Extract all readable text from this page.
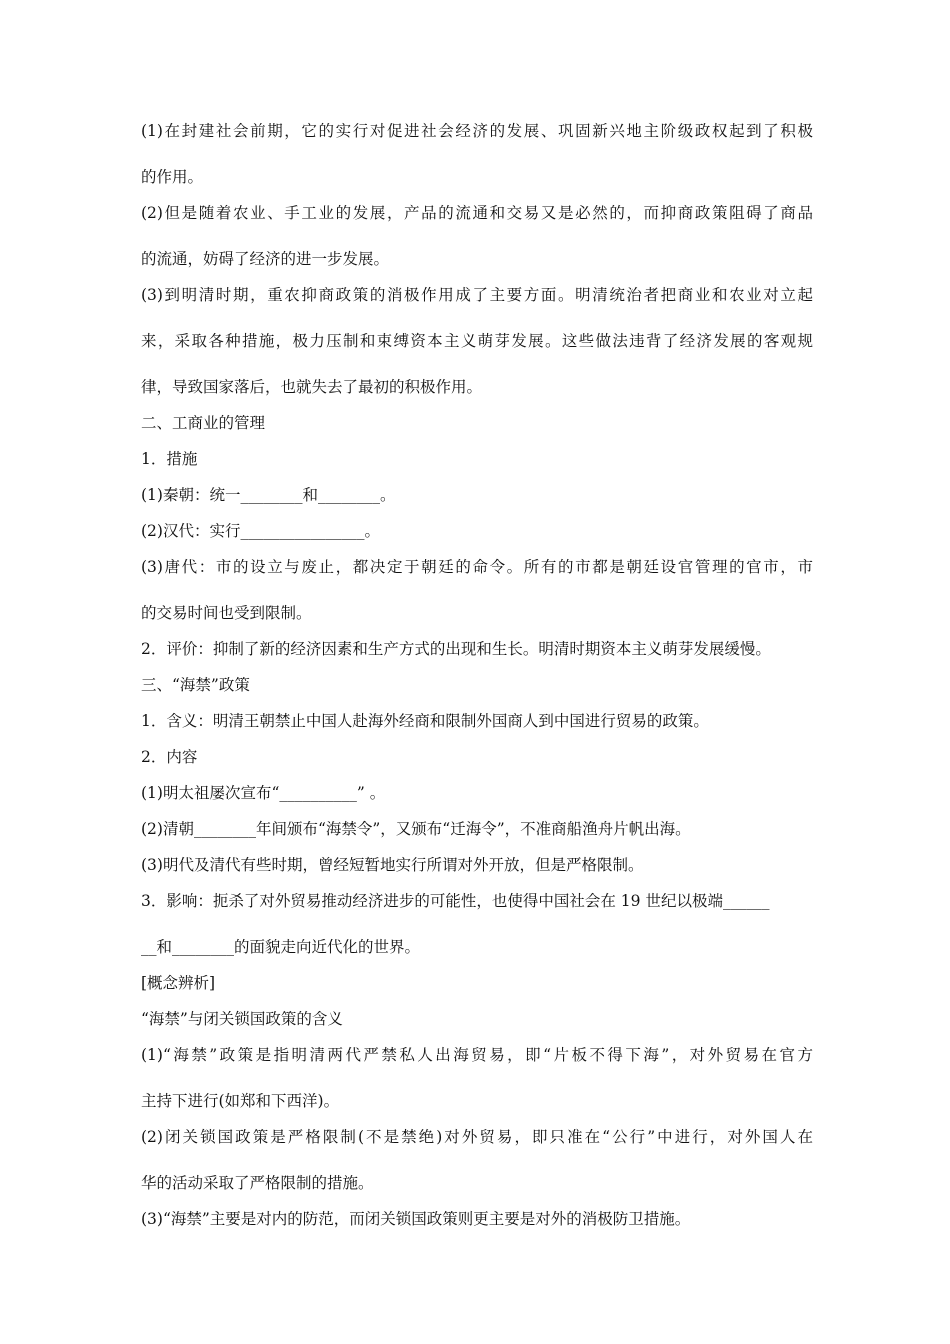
(1)在封建社会前期，它的实行对促进社会经济的发展、巩固新兴地主阶级政权起到了积极

的作用。

(2)但是随着农业、手工业的发展，产品的流通和交易又是必然的，而抑商政策阻碍了商品

的流通，妨碍了经济的进一步发展。

(3)到明清时期，重农抑商政策的消极作用成了主要方面。明清统治者把商业和农业对立起

来，采取各种措施，极力压制和束缚资本主义萌芽发展。这些做法违背了经济发展的客观规

律，导致国家落后，也就失去了最初的积极作用。

二、工商业的管理

1．措施

(1)秦朝：统一________和________。

(2)汉代：实行________________。

(3)唐代：市的设立与废止，都决定于朝廷的命令。所有的市都是朝廷设官管理的官市，市

的交易时间也受到限制。

2．评价：抑制了新的经济因素和生产方式的出现和生长。明清时期资本主义萌芽发展缓慢。

三、“海禁”政策

1．含义：明清王朝禁止中国人赴海外经商和限制外国商人到中国进行贸易的政策。

2．内容

(1)明太祖屡次宣布“__________” 。

(2)清朝________年间颁布“海禁令”，又颁布“迁海令”，不准商船渔舟片帆出海。

(3)明代及清代有些时期，曾经短暂地实行所谓对外开放，但是严格限制。

3．影响：扼杀了对外贸易推动经济进步的可能性，也使得中国社会在 19 世纪以极端______

__和________的面貌走向近代化的世界。

[概念辨析]

“海禁”与闭关锁国政策的含义

(1)“海禁”政策是指明清两代严禁私人出海贸易，即“片板不得下海”，对外贸易在官方

主持下进行(如郑和下西洋)。

(2)闭关锁国政策是严格限制(不是禁绝)对外贸易，即只准在“公行”中进行，对外国人在

华的活动采取了严格限制的措施。

(3)“海禁”主要是对内的防范，而闭关锁国政策则更主要是对外的消极防卫措施。
